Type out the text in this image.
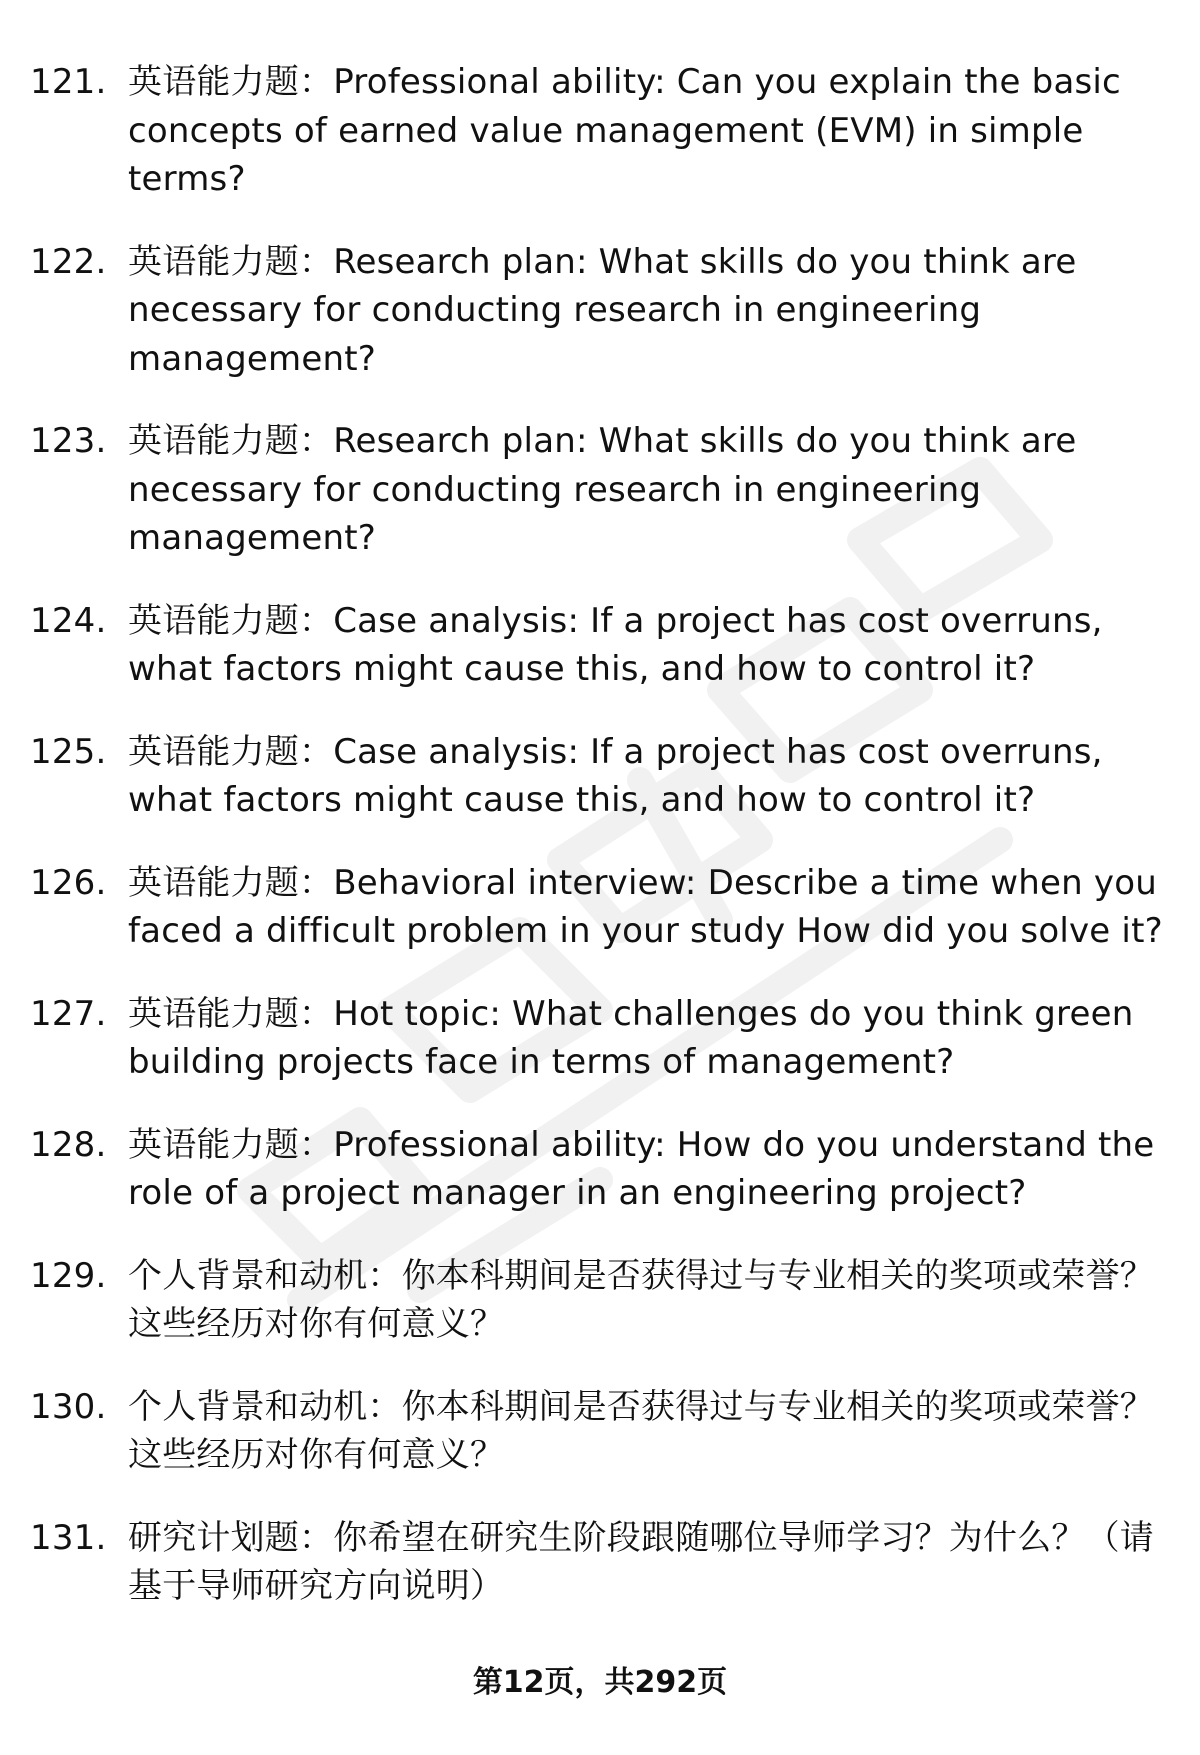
121. 英语能力题：Professional ability: Can you explain the basic concepts of earned value management (EVM) in simple terms?
122. 英语能力题：Research plan: What skills do you think are necessary for conducting research in engineering management?
123. 英语能力题：Research plan: What skills do you think are necessary for conducting research in engineering management?
124. 英语能力题：Case analysis: If a project has cost overruns, what factors might cause this, and how to control it?
125. 英语能力题：Case analysis: If a project has cost overruns, what factors might cause this, and how to control it?
126. 英语能力题：Behavioral interview: Describe a time when you faced a difficult problem in your study How did you solve it?
127. 英语能力题：Hot topic: What challenges do you think green building projects face in terms of management?
128. 英语能力题：Professional ability: How do you understand the role of a project manager in an engineering project?
129. 个人背景和动机：你本科期间是否获得过与专业相关的奖项或荣誉？这些经历对你有何意义？
130. 个人背景和动机：你本科期间是否获得过与专业相关的奖项或荣誉？这些经历对你有何意义？
131. 研究计划题：你希望在研究生阶段跟随哪位导师学习？为什么？（请基于导师研究方向说明）
第12页，共292页
